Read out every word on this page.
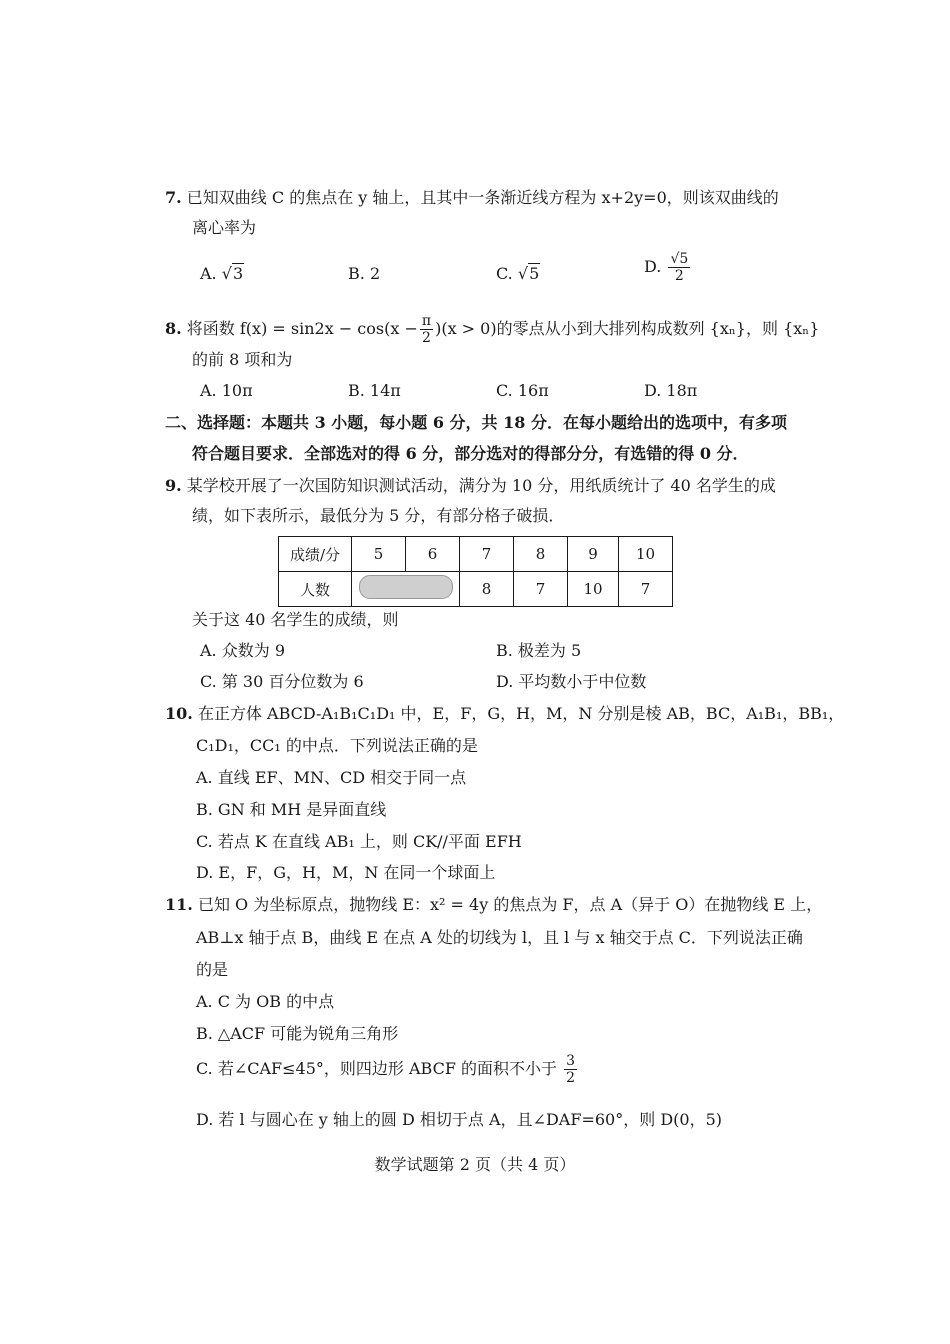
7. 已知双曲线 C 的焦点在 y 轴上，且其中一条渐近线方程为 x+2y=0，则该双曲线的
离心率为
A. √3	B. 2	C. √5	D. $\frac{√5}{2}$
8. 将函数 $f(x) = \sin 2x - \cos(x - \frac{\pi}{2} )(x > 0)$的零点从小到大排列构成数列 {xₙ}，则 {xₙ}
的前 8 项和为
A. 10π	B. 14π	C. 16π	D. 18π
二、选择题：本题共 3 小题，每小题 6 分，共 18 分．在每小题给出的选项中，有多项
符合题目要求．全部选对的得 6 分，部分选对的得部分分，有选错的得 0 分．
9. 某学校开展了一次国防知识测试活动，满分为 10 分，用纸质统计了 40 名学生的成
绩，如下表所示，最低分为 5 分，有部分格子破损．
成绩/分	5	6	7	8	9	10
人数			8	7	10	7
关于这 40 名学生的成绩，则
A. 众数为 9	B. 极差为 5
C. 第 30 百分位数为 6	D. 平均数小于中位数
10. 在正方体 ABCD-A₁B₁C₁D₁ 中，E，F，G，H，M，N 分别是棱 AB，BC，A₁B₁，BB₁，
C₁D₁，CC₁ 的中点．下列说法正确的是
A. 直线 EF、MN、CD 相交于同一点
B. GN 和 MH 是异面直线
C. 若点 K 在直线 AB₁ 上，则 CK//平面 EFH
D. E，F，G，H，M，N 在同一个球面上
11. 已知 O 为坐标原点，抛物线 E：x² = 4y 的焦点为 F，点 A（异于 O）在抛物线 E 上，
AB⊥x 轴于点 B，曲线 E 在点 A 处的切线为 l，且 l 与 x 轴交于点 C．下列说法正确
的是
A. C 为 OB 的中点
B. △ACF 可能为锐角三角形
C. 若∠CAF≤45°，则四边形 ABCF 的面积不小于 $\frac{3}{2}$
D. 若 l 与圆心在 y 轴上的圆 D 相切于点 A，且∠DAF=60°，则 D(0，5)
数学试题第 2 页（共 4 页）
